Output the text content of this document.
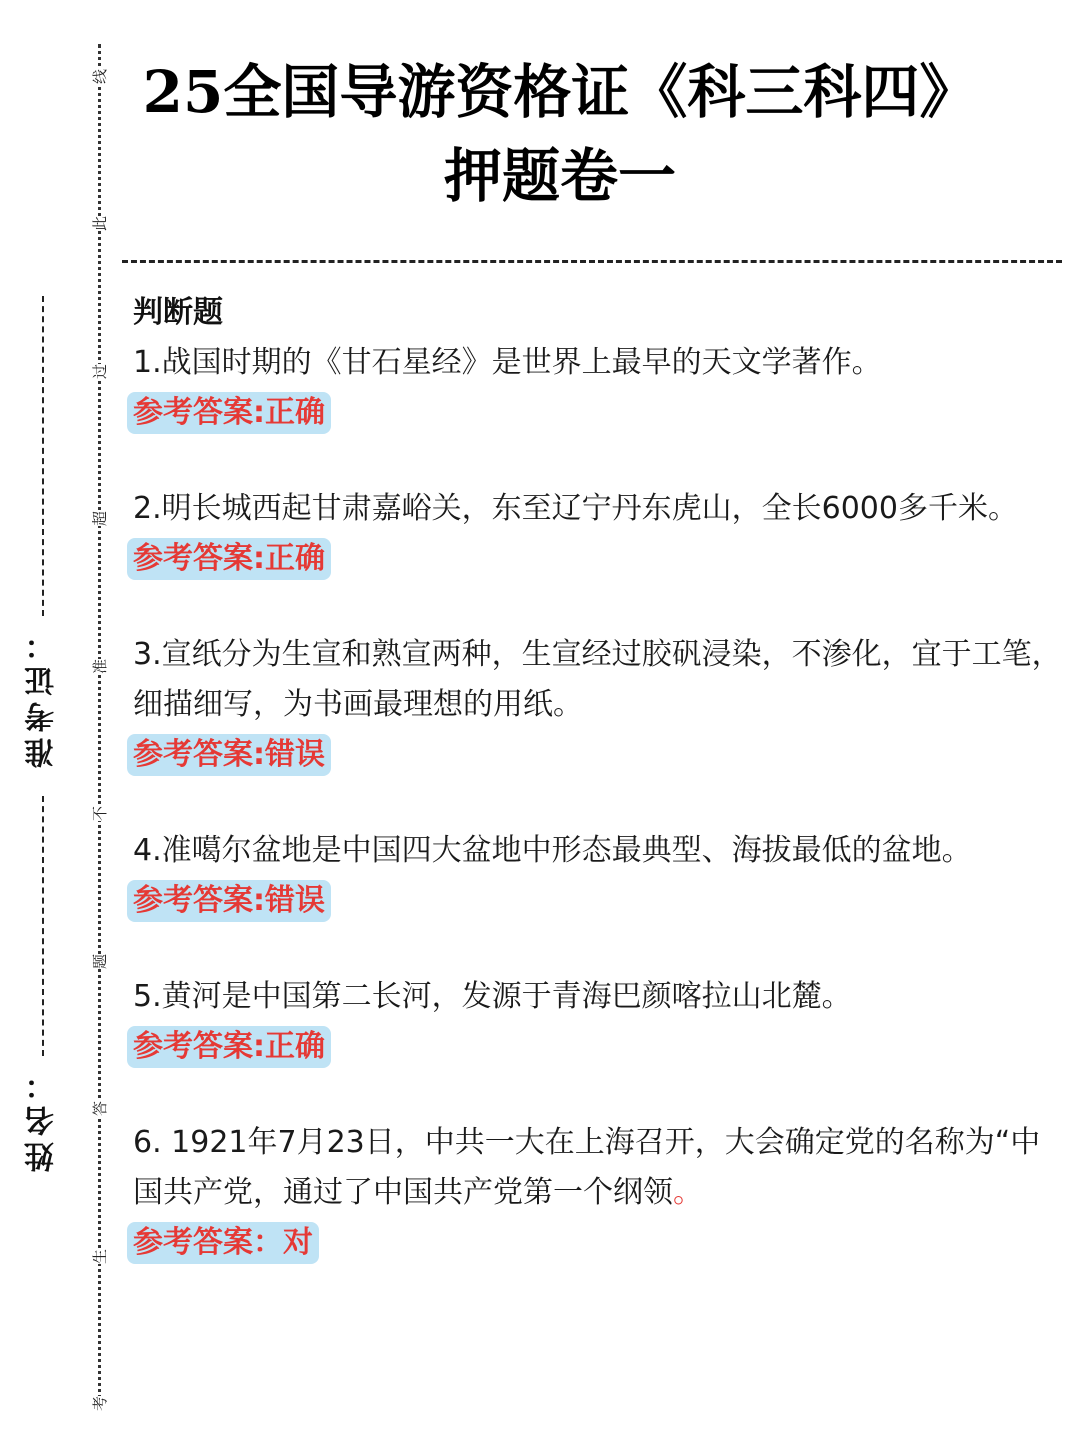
线
此
过
超
准
不
题
答
生
考
准考证：
姓名：
25全国导游资格证《科三科四》
押题卷一
判断题

1.战国时期的《甘石星经》是世界上最早的天文学著作。

参考答案:正确

2.明长城西起甘肃嘉峪关，东至辽宁丹东虎山，全长6000多千米。

参考答案:正确

3.宣纸分为生宣和熟宣两种，生宣经过胶矾浸染，不渗化，宜于工笔，细描细写，为书画最理想的用纸。

参考答案:错误

4.准噶尔盆地是中国四大盆地中形态最典型、海拔最低的盆地。

参考答案:错误

5.黄河是中国第二长河，发源于青海巴颜喀拉山北麓。

参考答案:正确

6. 1921年7月23日，中共一大在上海召开，大会确定党的名称为“中国共产党，通过了中国共产党第一个纲领。

参考答案：对
